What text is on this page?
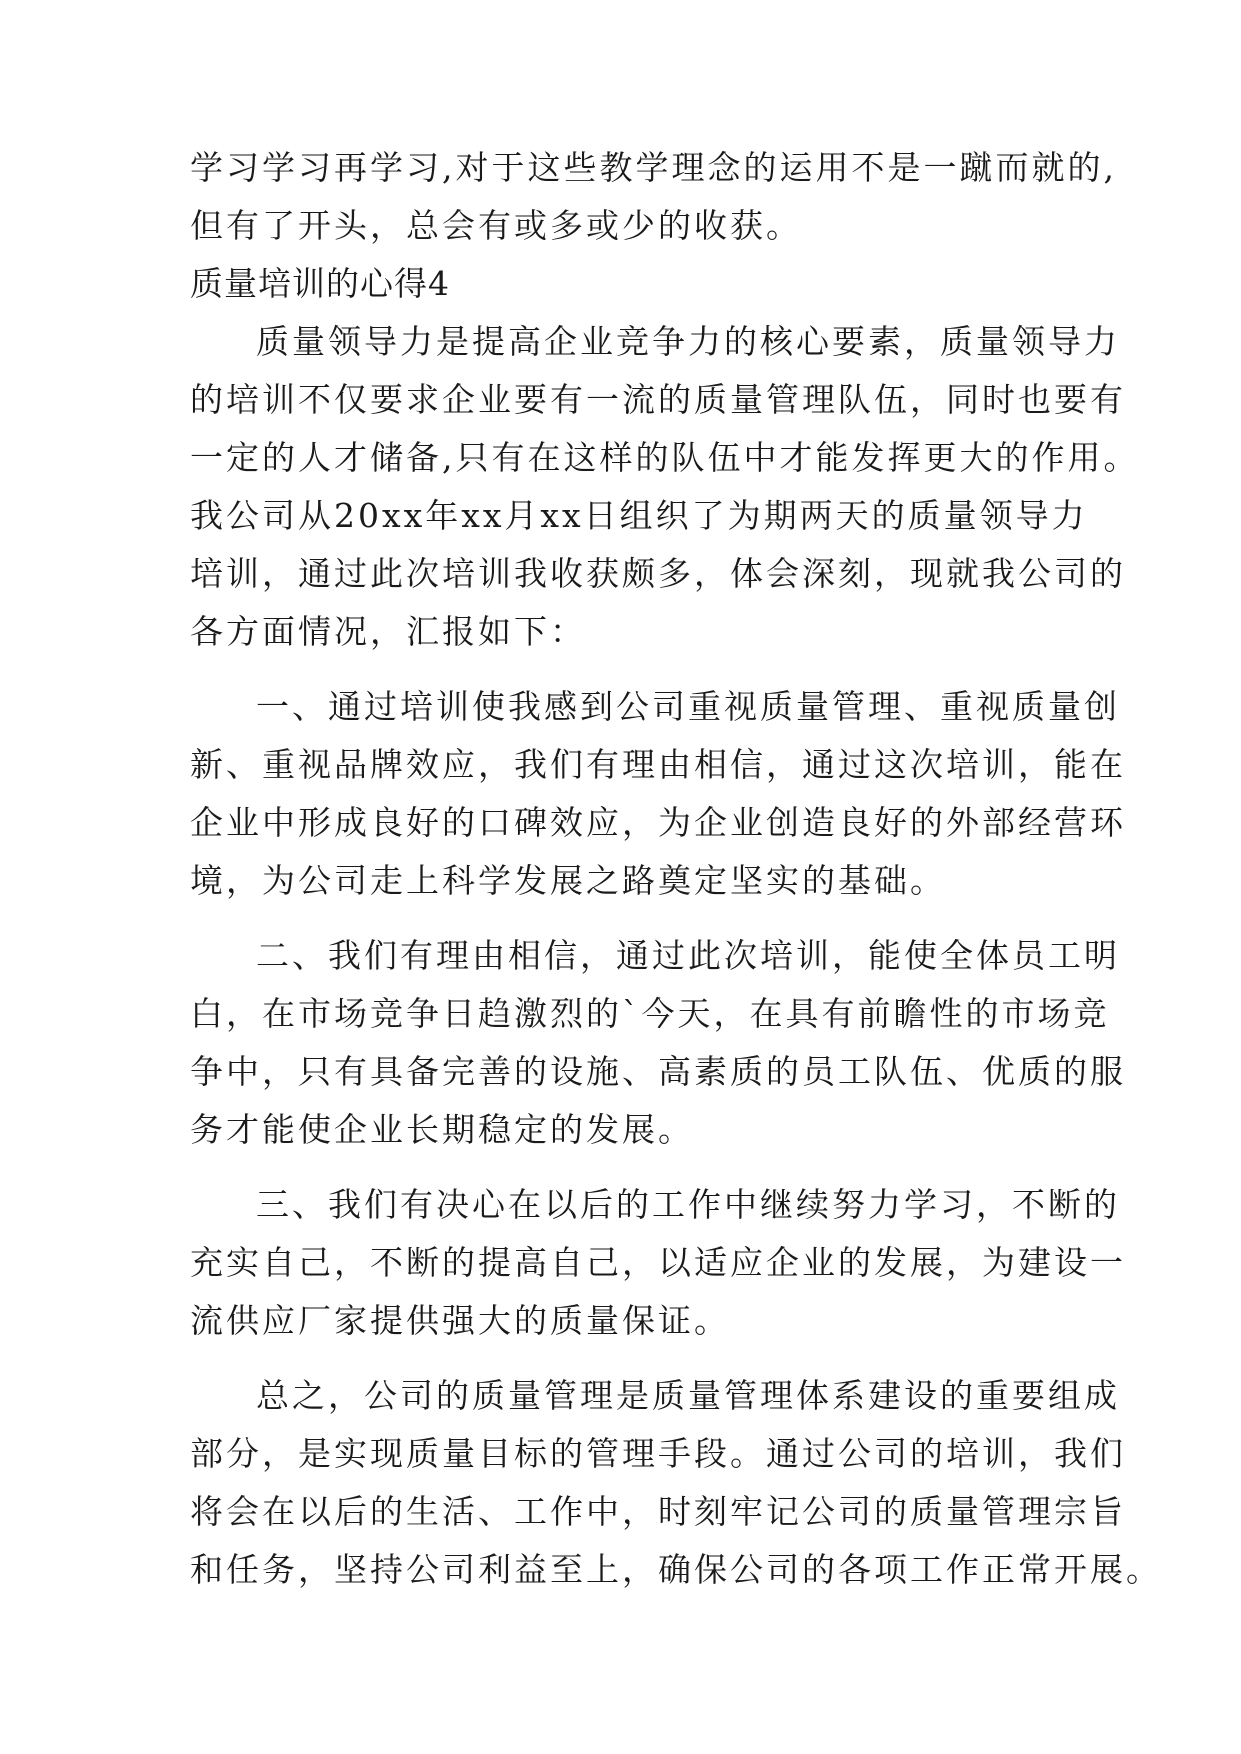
学习学习再学习,对于这些教学理念的运用不是一蹴而就的,
但有了开头，总会有或多或少的收获。
质量培训的心得4
质量领导力是提高企业竞争力的核心要素，质量领导力
的培训不仅要求企业要有一流的质量管理队伍，同时也要有
一定的人才储备,只有在这样的队伍中才能发挥更大的作用。
我公司从20xx年xx月xx日组织了为期两天的质量领导力
培训，通过此次培训我收获颇多，体会深刻，现就我公司的
各方面情况，汇报如下：
一、通过培训使我感到公司重视质量管理、重视质量创
新、重视品牌效应，我们有理由相信，通过这次培训，能在
企业中形成良好的口碑效应，为企业创造良好的外部经营环
境，为公司走上科学发展之路奠定坚实的基础。
二、我们有理由相信，通过此次培训，能使全体员工明
白，在市场竞争日趋激烈的`今天，在具有前瞻性的市场竞
争中，只有具备完善的设施、高素质的员工队伍、优质的服
务才能使企业长期稳定的发展。
三、我们有决心在以后的工作中继续努力学习，不断的
充实自己，不断的提高自己，以适应企业的发展，为建设一
流供应厂家提供强大的质量保证。
总之，公司的质量管理是质量管理体系建设的重要组成
部分，是实现质量目标的管理手段。通过公司的培训，我们
将会在以后的生活、工作中，时刻牢记公司的质量管理宗旨
和任务，坚持公司利益至上，确保公司的各项工作正常开展。
